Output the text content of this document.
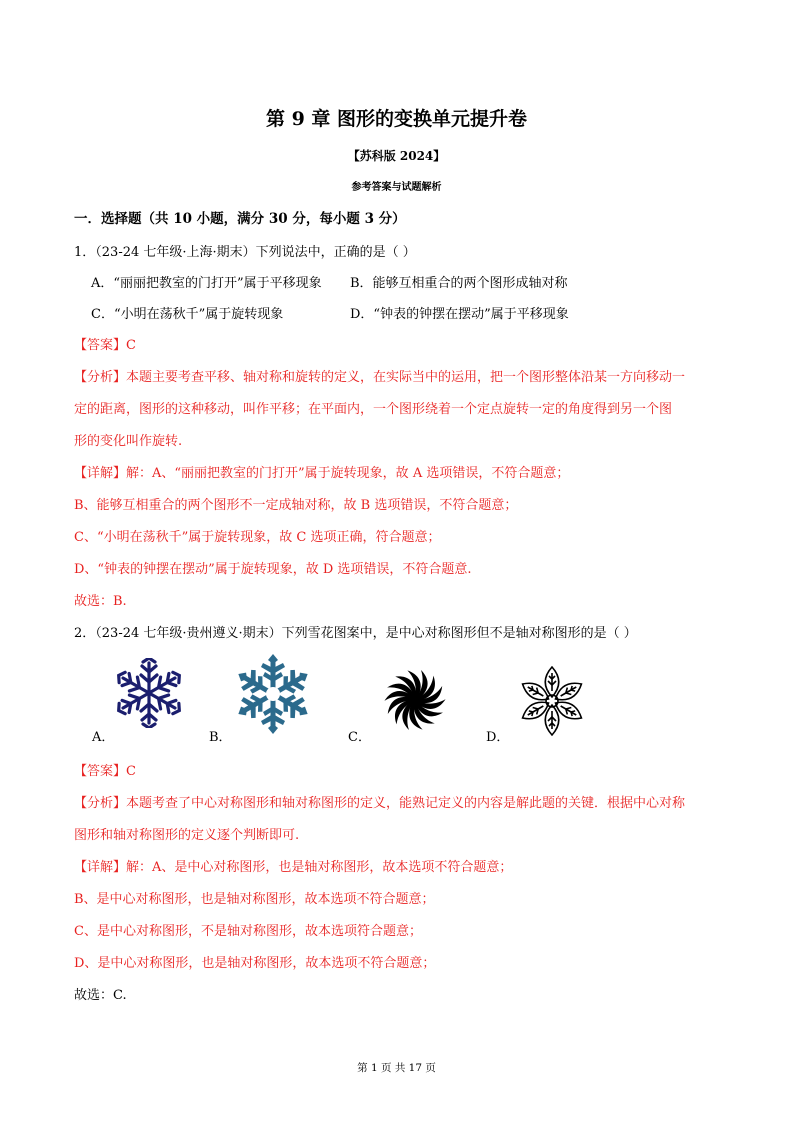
第 9 章 图形的变换单元提升卷
【苏科版 2024】
参考答案与试题解析
一．选择题（共 10 小题，满分 30 分，每小题 3 分）
1．（23-24 七年级·上海·期末）下列说法中，正确的是（ ）
A．“丽丽把教室的门打开”属于平移现象 B．能够互相重合的两个图形成轴对称
C．“小明在荡秋千”属于旋转现象	D．“钟表的钟摆在摆动”属于平移现象
【答案】C
【分析】本题主要考查平移、轴对称和旋转的定义，在实际当中的运用，把一个图形整体沿某一方向移动一
定的距离，图形的这种移动，叫作平移；在平面内，一个图形绕着一个定点旋转一定的角度得到另一个图
形的变化叫作旋转.
【详解】解：A、“丽丽把教室的门打开”属于旋转现象，故 A 选项错误，不符合题意；
B、能够互相重合的两个图形不一定成轴对称，故 B 选项错误，不符合题意；
C、“小明在荡秋千”属于旋转现象，故 C 选项正确，符合题意；
D、“钟表的钟摆在摆动”属于旋转现象，故 D 选项错误，不符合题意.
故选：B.
2．（23-24 七年级·贵州遵义·期末）下列雪花图案中，是中心对称图形但不是轴对称图形的是（ ）
A．	B．	C．	D．
【答案】C
【分析】本题考查了中心对称图形和轴对称图形的定义，能熟记定义的内容是解此题的关键．根据中心对称
图形和轴对称图形的定义逐个判断即可.
【详解】解：A、是中心对称图形，也是轴对称图形，故本选项不符合题意；
B、是中心对称图形，也是轴对称图形，故本选项不符合题意；
C、是中心对称图形，不是轴对称图形，故本选项符合题意；
D、是中心对称图形，也是轴对称图形，故本选项不符合题意；
故选：C.
第 1 页 共 17 页
